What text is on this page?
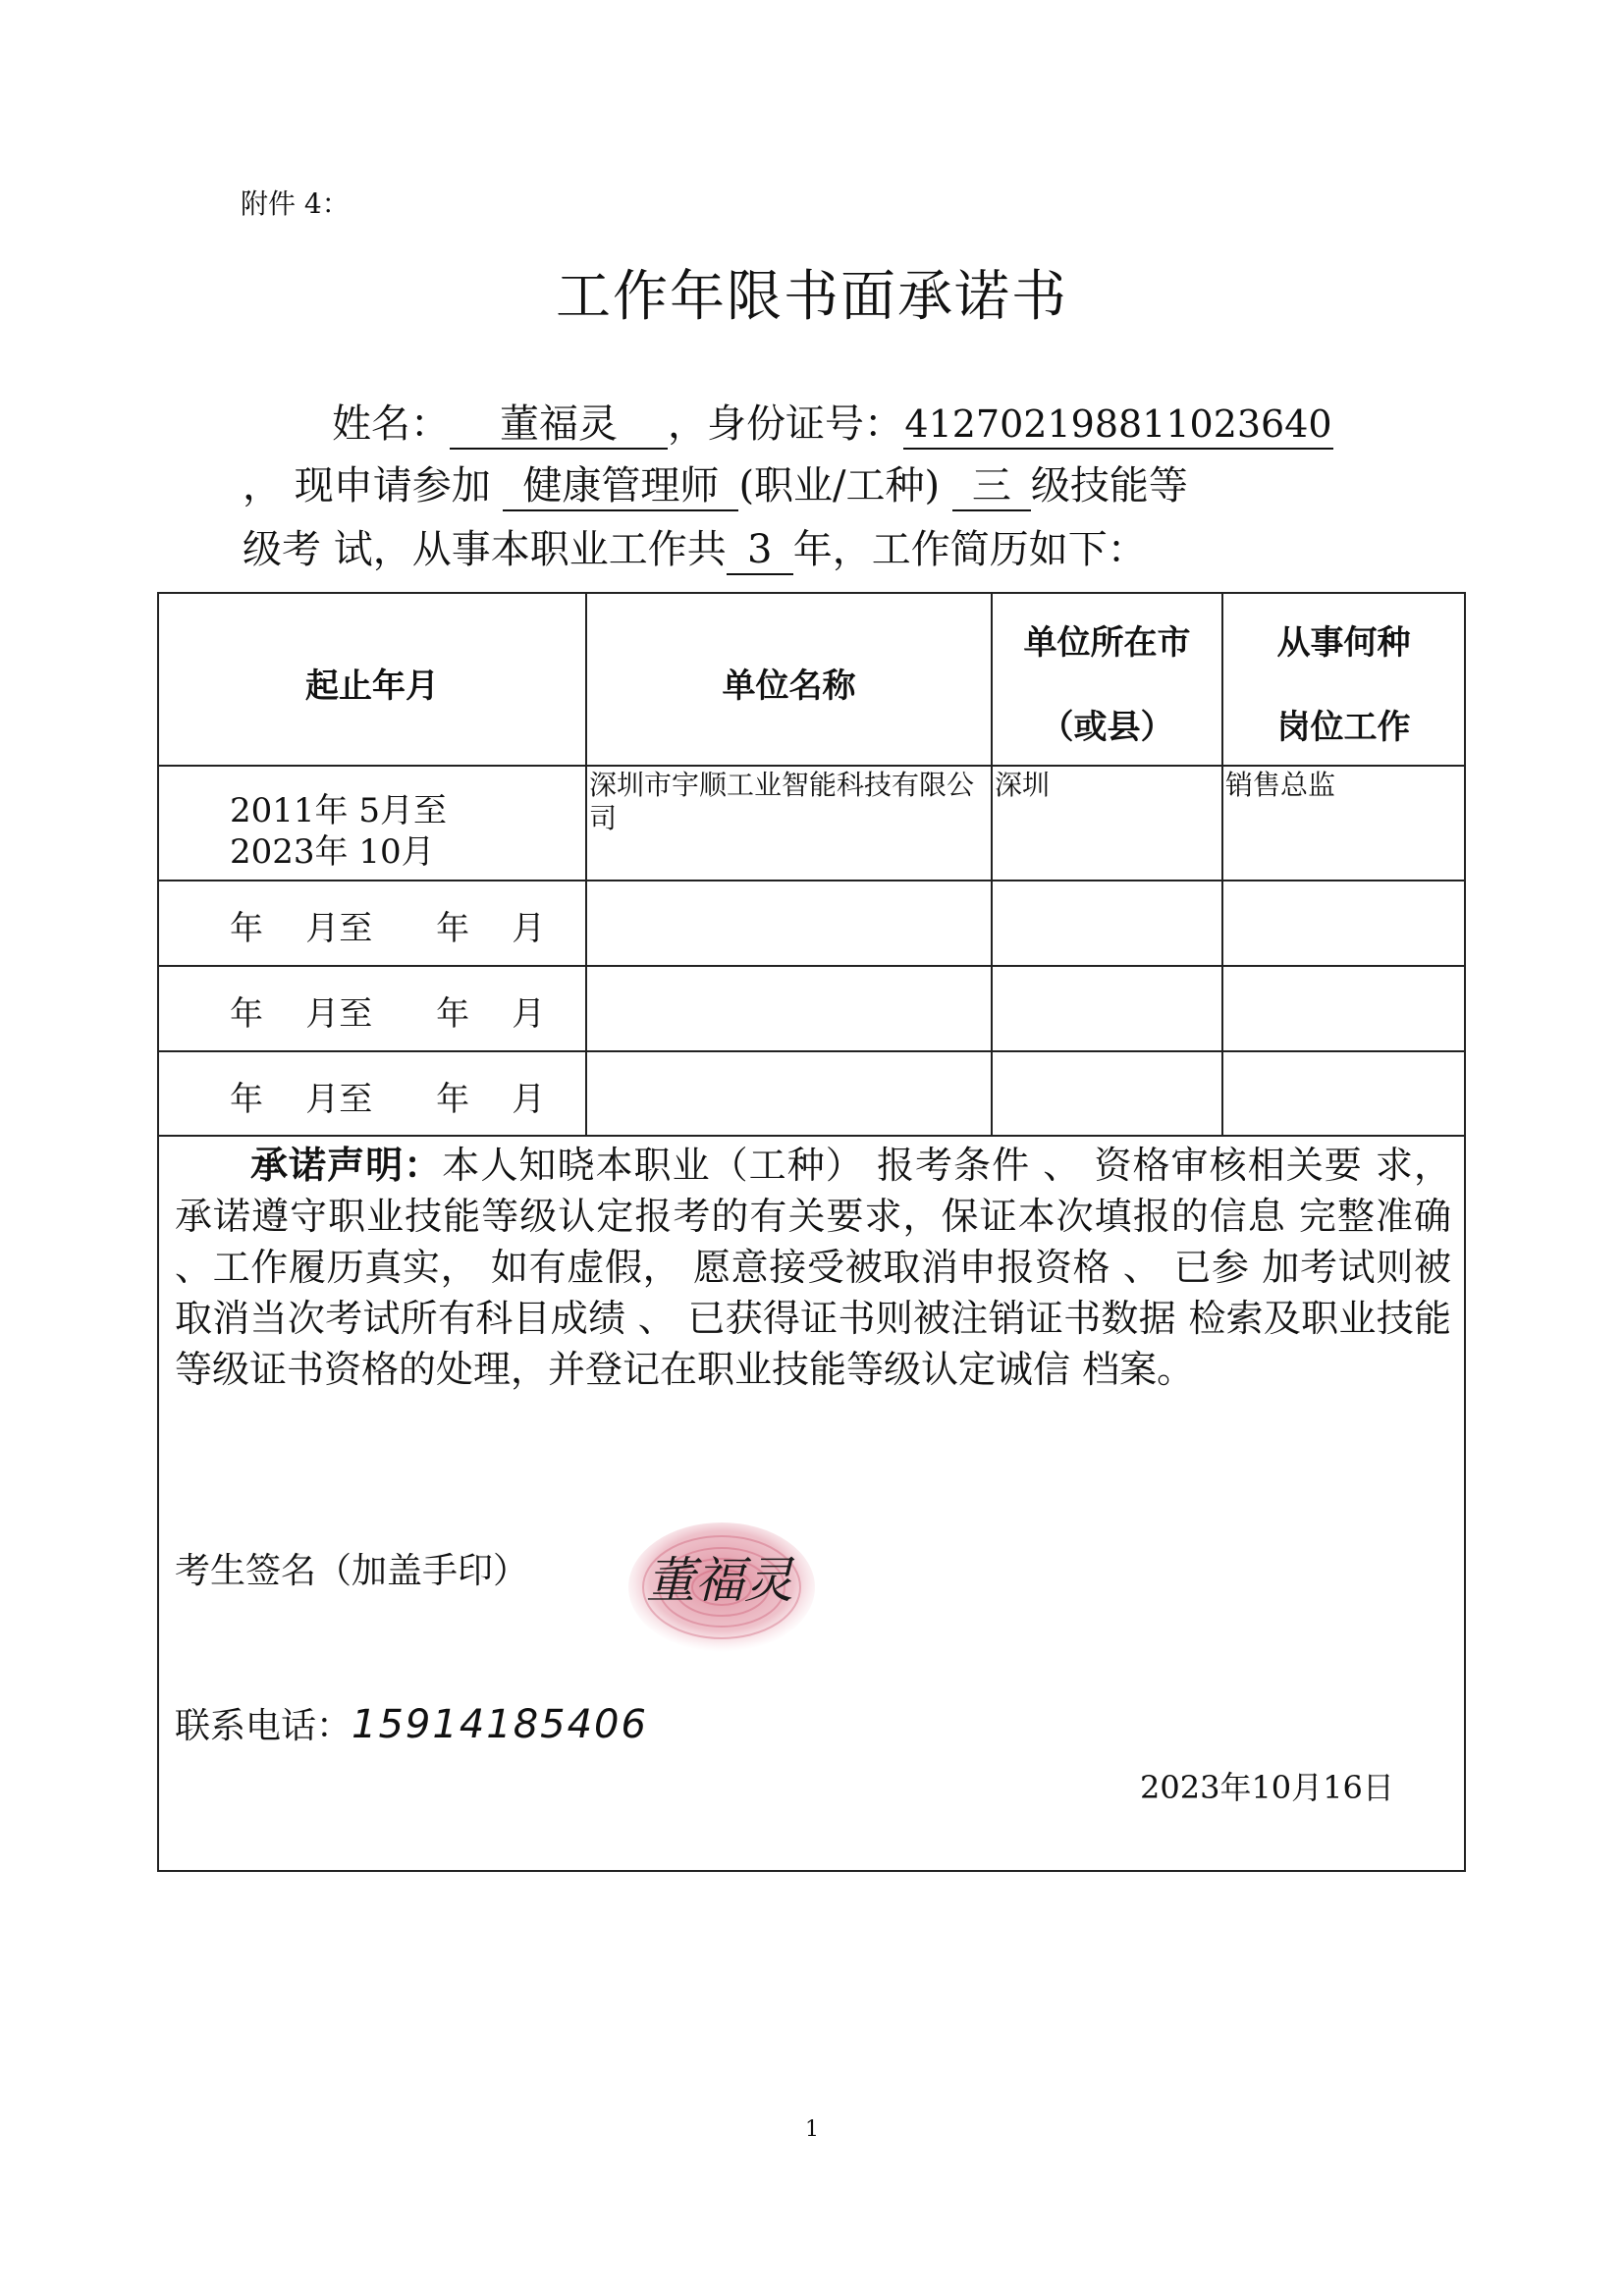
附件 4：
工作年限书面承诺书
姓名： 董福灵 ，身份证号：412702198811023640
， 现申请参加 健康管理师 (职业/工种) 三 级技能等
级考 试，从事本职业工作共 3 年，工作简历如下：
起止年月	单位名称
单位所在市
（或县）
从事何种
岗位工作
2011年 5月至
2023年 10月
深圳市宇顺工业智能科技有限公司
深圳	销售总监
年    月至      年    月
年    月至      年    月
年    月至      年    月
承诺声明：本人知晓本职业（工种） 报考条件 、 资格审核相关要 求， 承诺遵守职业技能等级认定报考的有关要求，保证本次填报的信息 完整准确 、工作履历真实， 如有虚假， 愿意接受被取消申报资格 、 已参 加考试则被取消当次考试所有科目成绩 、 已获得证书则被注销证书数据 检索及职业技能等级证书资格的处理，并登记在职业技能等级认定诚信 档案。
考生签名（加盖手印） 董福灵
联系电话：15914185406
2023年10月16日
1
